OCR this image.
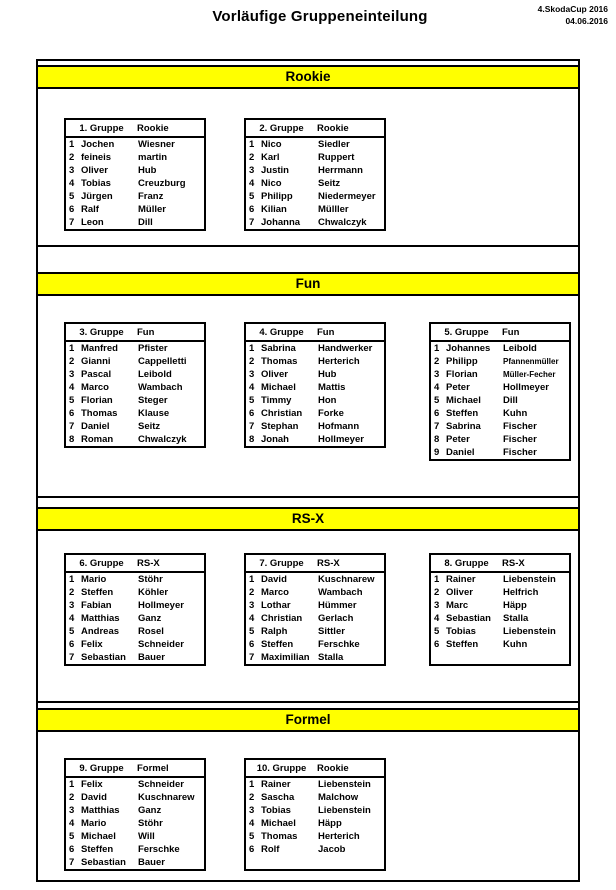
Vorläufige Gruppeneinteilung	4.SkodaCup 2016
04.06.2016
Rookie
Fun
RS-X
Formel
1. Gruppe	Rookie
1 Jochen	Wiesner
2 feineis	martin
3 Oliver	Hub
4 Tobias	Creuzburg
5 Jürgen	Franz
6 Ralf	Müller
7 Leon	Dill
2. Gruppe	Rookie
1 Nico	Siedler
2 Karl	Ruppert
3 Justin	Herrmann
4 Nico	Seitz
5 Philipp	Niedermeyer
6 Kilian	Mülller
7 Johanna	Chwalczyk
3. Gruppe	Fun
1 Manfred	Pfister
2 Gianni	Cappelletti
3 Pascal	Leibold
4 Marco	Wambach
5 Florian	Steger
6 Thomas	Klause
7 Daniel	Seitz
8 Roman	Chwalczyk
4. Gruppe	Fun
1 Sabrina	Handwerker
2 Thomas	Herterich
3 Oliver	Hub
4 Michael	Mattis
5 Timmy	Hon
6 Christian	Forke
7 Stephan	Hofmann
8 Jonah	Hollmeyer
5. Gruppe	Fun
1 Johannes	Leibold
2 Philipp	Pfannenmüller
3 Florian	Müller-Fecher
4 Peter	Hollmeyer
5 Michael	Dill
6 Steffen	Kuhn
7 Sabrina	Fischer
8 Peter	Fischer
9 Daniel	Fischer
6. Gruppe	RS-X
1 Mario	Stöhr
2 Steffen	Köhler
3 Fabian	Hollmeyer
4 Matthias	Ganz
5 Andreas	Rosel
6 Felix	Schneider
7 Sebastian	Bauer
7. Gruppe	RS-X
1 David	Kuschnarew
2 Marco	Wambach
3 Lothar	Hümmer
4 Christian	Gerlach
5 Ralph	Sittler
6 Steffen	Ferschke
7 Maximilian Stalla
8. Gruppe	RS-X
1 Rainer	Liebenstein
2 Oliver	Helfrich
3 Marc	Häpp
4 Sebastian	Stalla
5 Tobias	Liebenstein
6 Steffen	Kuhn
9. Gruppe	Formel
1 Felix	Schneider
2 David	Kuschnarew
3 Matthias	Ganz
4 Mario	Stöhr
5 Michael	Will
6 Steffen	Ferschke
7 Sebastian	Bauer
10. Gruppe	Rookie
1 Rainer	Liebenstein
2 Sascha	Malchow
3 Tobias	Liebenstein
4 Michael	Häpp
5 Thomas	Herterich
6 Rolf	Jacob
